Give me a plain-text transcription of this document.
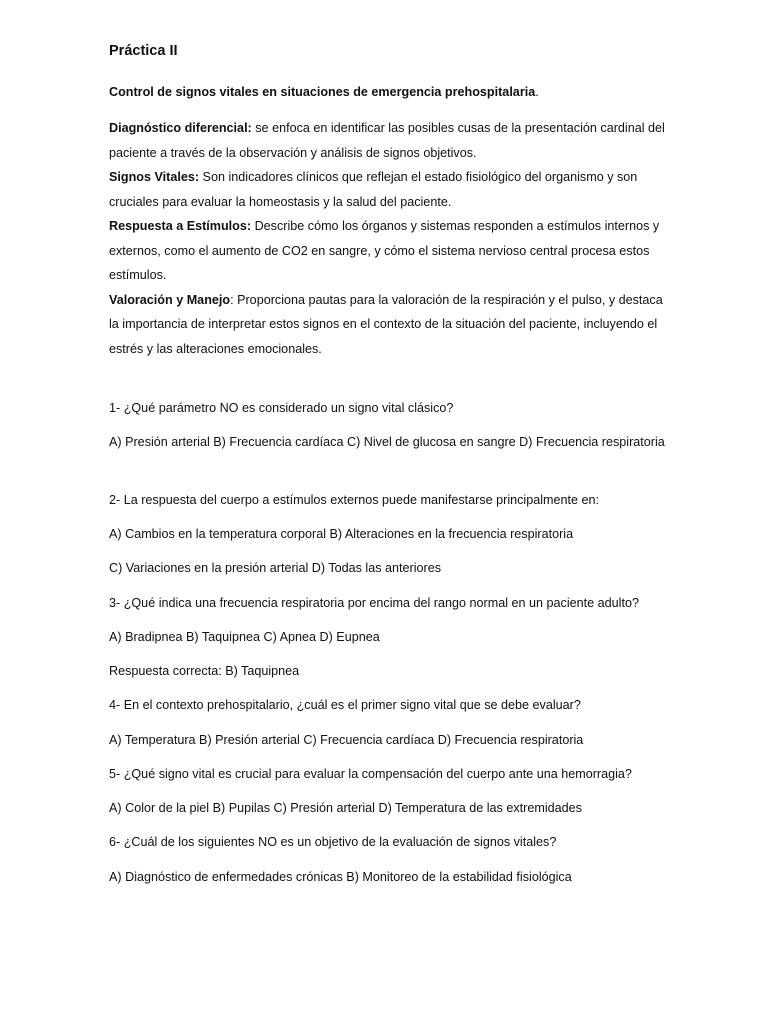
Práctica II
Control de signos vitales en situaciones de emergencia prehospitalaria.

Diagnóstico diferencial: se enfoca en identificar las posibles cusas de la presentación cardinal del paciente a través de la observación y análisis de signos objetivos.

Signos Vitales: Son indicadores clínicos que reflejan el estado fisiológico del organismo y son cruciales para evaluar la homeostasis y la salud del paciente.

Respuesta a Estímulos: Describe cómo los órganos y sistemas responden a estímulos internos y externos, como el aumento de CO2 en sangre, y cómo el sistema nervioso central procesa estos estímulos.

Valoración y Manejo: Proporciona pautas para la valoración de la respiración y el pulso, y destaca la importancia de interpretar estos signos en el contexto de la situación del paciente, incluyendo el estrés y las alteraciones emocionales.

1- ¿Qué parámetro NO es considerado un signo vital clásico?

A) Presión arterial B) Frecuencia cardíaca C) Nivel de glucosa en sangre D) Frecuencia respiratoria

2- La respuesta del cuerpo a estímulos externos puede manifestarse principalmente en:

A) Cambios en la temperatura corporal B) Alteraciones en la frecuencia respiratoria

C) Variaciones en la presión arterial D) Todas las anteriores

3- ¿Qué indica una frecuencia respiratoria por encima del rango normal en un paciente adulto?

A) Bradipnea B) Taquipnea C) Apnea D) Eupnea

Respuesta correcta: B) Taquipnea

4- En el contexto prehospitalario, ¿cuál es el primer signo vital que se debe evaluar?

A) Temperatura B) Presión arterial C) Frecuencia cardíaca D) Frecuencia respiratoria

5- ¿Qué signo vital es crucial para evaluar la compensación del cuerpo ante una hemorragia?

A) Color de la piel B) Pupilas C) Presión arterial D) Temperatura de las extremidades

6- ¿Cuál de los siguientes NO es un objetivo de la evaluación de signos vitales?

A) Diagnóstico de enfermedades crónicas B) Monitoreo de la estabilidad fisiológica
